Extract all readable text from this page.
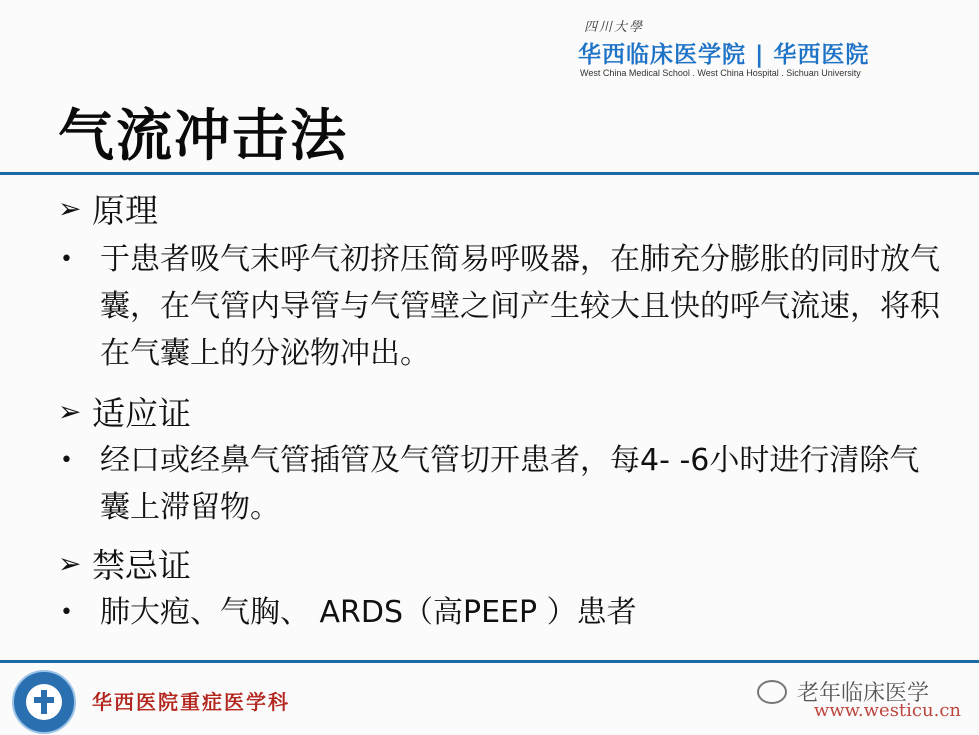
四川大學
华西临床医学院 | 华西医院
West China Medical School . West China Hospital . Sichuan University
气流冲击法
➢ 原理
• 于患者吸气末呼气初挤压简易呼吸器，在肺充分膨胀的同时放气囊，在气管内导管与气管壁之间产生较大且快的呼气流速，将积在气囊上的分泌物冲出。
➢ 适应证
• 经口或经鼻气管插管及气管切开患者，每4- -6小时进行清除气囊上滞留物。
➢ 禁忌证
• 肺大疱、气胸、 ARDS（高PEEP ）患者
华西医院重症医学科	老年临床医学
www.westicu.cn
